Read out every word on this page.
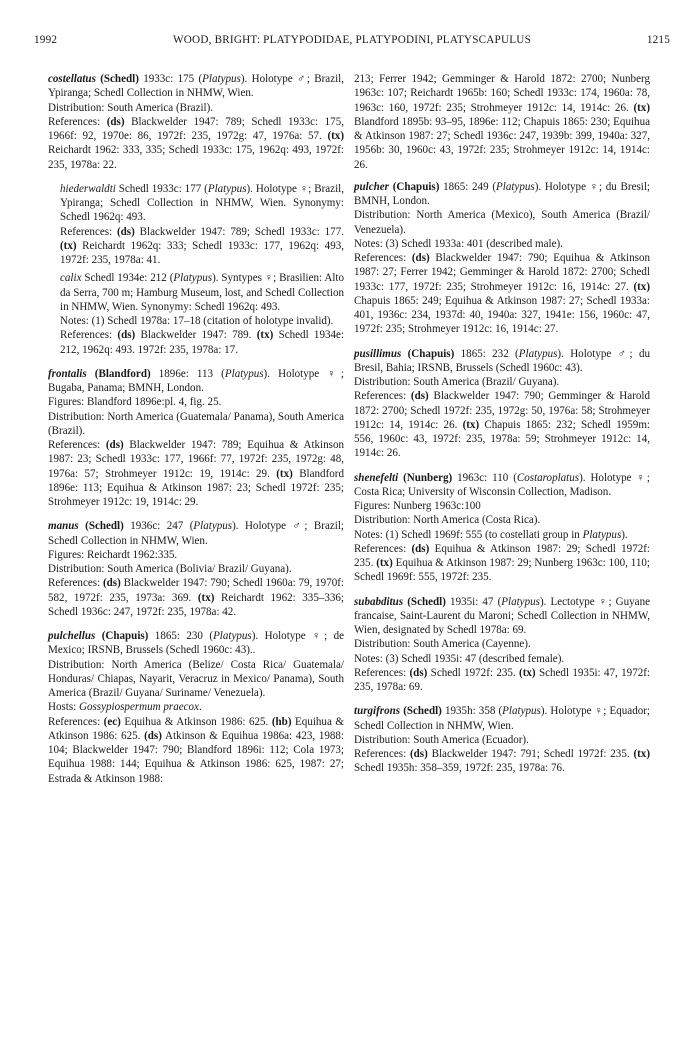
1992	WOOD, BRIGHT: PLATYPODIDAE, PLATYPODINI, PLATYSCAPULUS	1215

costellatus (Schedl) 1933c: 175 (Platypus). Holotype ♂; Brazil, Ypiranga; Schedl Collection in NHMW, Wien.

Distribution: South America (Brazil).

References: (ds) Blackwelder 1947: 789; Schedl 1933c: 175, 1966f: 92, 1970e: 86, 1972f: 235, 1972g: 47, 1976a: 57. (tx) Reichardt 1962: 333, 335; Schedl 1933c: 175, 1962q: 493, 1972f: 235, 1978a: 22.

hiederwaldti Schedl 1933c: 177 (Platypus). Holotype ♀; Brazil, Ypiranga; Schedl Collection in NHMW, Wien. Synonymy: Schedl 1962q: 493.

References: (ds) Blackwelder 1947: 789; Schedl 1933c: 177. (tx) Reichardt 1962q: 333; Schedl 1933c: 177, 1962q: 493, 1972f: 235, 1978a: 41.

calix Schedl 1934e: 212 (Platypus). Syntypes ♀; Brasilien: Alto da Serra, 700 m; Hamburg Museum, lost, and Schedl Collection in NHMW, Wien. Synonymy: Schedl 1962q: 493.

Notes: (1) Schedl 1978a: 17–18 (citation of holotype invalid).

References: (ds) Blackwelder 1947: 789. (tx) Schedl 1934e: 212, 1962q: 493. 1972f: 235, 1978a: 17.

frontalis (Blandford) 1896e: 113 (Platypus). Holotype ♀; Bugaba, Panama; BMNH, London.

Figures: Blandford 1896e:pl. 4, fig. 25.

Distribution: North America (Guatemala/ Panama), South America (Brazil).

References: (ds) Blackwelder 1947: 789; Equihua & Atkinson 1987: 23; Schedl 1933c: 177, 1966f: 77, 1972f: 235, 1972g: 48, 1976a: 57; Strohmeyer 1912c: 19, 1914c: 29. (tx) Blandford 1896e: 113; Equihua & Atkinson 1987: 23; Schedl 1972f: 235; Strohmeyer 1912c: 19, 1914c: 29.

manus (Schedl) 1936c: 247 (Platypus). Holotype ♂; Brazil; Schedl Collection in NHMW, Wien.

Figures: Reichardt 1962:335.

Distribution: South America (Bolivia/ Brazil/ Guyana).

References: (ds) Blackwelder 1947: 790; Schedl 1960a: 79, 1970f: 582, 1972f: 235, 1973a: 369. (tx) Reichardt 1962: 335–336; Schedl 1936c: 247, 1972f: 235, 1978a: 42.

pulchellus (Chapuis) 1865: 230 (Platypus). Holotype ♀; de Mexico; IRSNB, Brussels (Schedl 1960c: 43)..

Distribution: North America (Belize/ Costa Rica/ Guatemala/ Honduras/ Chiapas, Nayarit, Veracruz in Mexico/ Panama), South America (Brazil/ Guyana/ Suriname/ Venezuela).

Hosts: Gossypiospermum praecox.

References: (ec) Equihua & Atkinson 1986: 625. (hb) Equihua & Atkinson 1986: 625. (ds) Atkinson & Equihua 1986a: 423, 1988: 104; Blackwelder 1947: 790; Blandford 1896i: 112; Cola 1973; Equihua 1988: 144; Equihua & Atkinson 1986: 625, 1987: 27; Estrada & Atkinson 1988:

213; Ferrer 1942; Gemminger & Harold 1872: 2700; Nunberg 1963c: 107; Reichardt 1965b: 160; Schedl 1933c: 174, 1960a: 78, 1963c: 160, 1972f: 235; Strohmeyer 1912c: 14, 1914c: 26. (tx) Blandford 1895b: 93–95, 1896e: 112; Chapuis 1865: 230; Equihua & Atkinson 1987: 27; Schedl 1936c: 247, 1939b: 399, 1940a: 327, 1956b: 30, 1960c: 43, 1972f: 235; Strohmeyer 1912c: 14, 1914c: 26.

pulcher (Chapuis) 1865: 249 (Platypus). Holotype ♀; du Bresil; BMNH, London.

Distribution: North America (Mexico), South America (Brazil/ Venezuela).

Notes: (3) Schedl 1933a: 401 (described male).

References: (ds) Blackwelder 1947: 790; Equihua & Atkinson 1987: 27; Ferrer 1942; Gemminger & Harold 1872: 2700; Schedl 1933c: 177, 1972f: 235; Strohmeyer 1912c: 16, 1914c: 27. (tx) Chapuis 1865: 249; Equihua & Atkinson 1987: 27; Schedl 1933a: 401, 1936c: 234, 1937d: 40, 1940a: 327, 1941e: 156, 1960c: 47, 1972f: 235; Strohmeyer 1912c: 16, 1914c: 27.

pusillimus (Chapuis) 1865: 232 (Platypus). Holotype ♂; du Bresil, Bahia; IRSNB, Brussels (Schedl 1960c: 43).

Distribution: South America (Brazil/ Guyana).

References: (ds) Blackwelder 1947: 790; Gemminger & Harold 1872: 2700; Schedl 1972f: 235, 1972g: 50, 1976a: 58; Strohmeyer 1912c: 14, 1914c: 26. (tx) Chapuis 1865: 232; Schedl 1959m: 556, 1960c: 43, 1972f: 235, 1978a: 59; Strohmeyer 1912c: 14, 1914c: 26.

shenefelti (Nunberg) 1963c: 110 (Costaroplatus). Holotype ♀; Costa Rica; University of Wisconsin Collection, Madison.

Figures: Nunberg 1963c:100

Distribution: North America (Costa Rica).

Notes: (1) Schedl 1969f: 555 (to costellati group in Platypus).

References: (ds) Equihua & Atkinson 1987: 29; Schedl 1972f: 235. (tx) Equihua & Atkinson 1987: 29; Nunberg 1963c: 100, 110; Schedl 1969f: 555, 1972f: 235.

subabditus (Schedl) 1935i: 47 (Platypus). Lectotype ♀; Guyane francaise, Saint-Laurent du Maroni; Schedl Collection in NHMW, Wien, designated by Schedl 1978a: 69.

Distribution: South America (Cayenne).

Notes: (3) Schedl 1935i: 47 (described female).

References: (ds) Schedl 1972f: 235. (tx) Schedl 1935i: 47, 1972f: 235, 1978a: 69.

turgifrons (Schedl) 1935h: 358 (Platypus). Holotype ♀; Equador; Schedl Collection in NHMW, Wien.

Distribution: South America (Ecuador).

References: (ds) Blackwelder 1947: 791; Schedl 1972f: 235. (tx) Schedl 1935h: 358–359, 1972f: 235, 1978a: 76.
